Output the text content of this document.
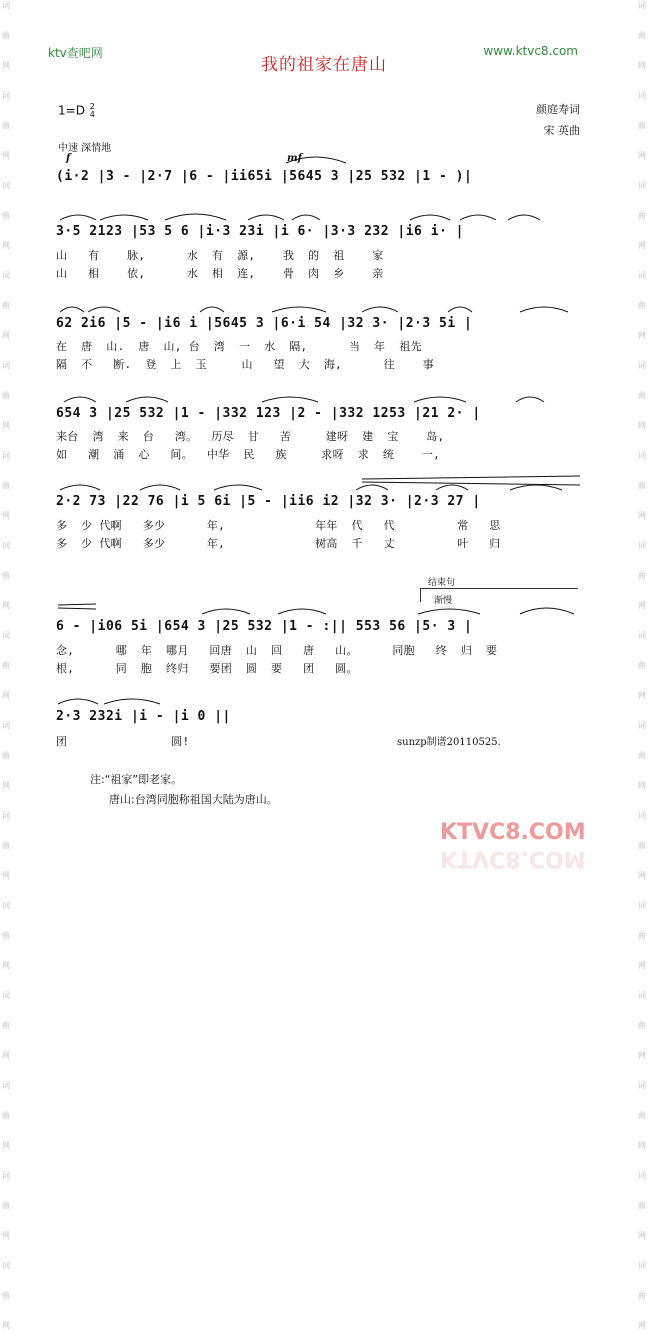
词
曲
网
词
曲
网
词
曲
网
词
曲
网
词
曲
网
词
曲
网
词
曲
网
词
曲
网
词
曲
网
词
曲
网
词
曲
网
词
曲
网
词
曲
网
词
曲
网
词
曲
网
词
曲
网
词
曲
网
词
曲
网
词
曲
网
词
曲
网
词
曲
网
词
曲
网
词
曲
网
词
曲
网
词
曲
网
词
曲
网
词
曲
网
词
曲
网
词
曲
网
词
曲
网
ktv查吧网	www.ktvc8.com
我的祖家在唐山
1=D 2
4	颜庭寿词
宋 英曲
中速 深情地
f	mf
(i·2 |3 - |2·7 |6 - |ii65i |5645 3 |25 532 |1 - )|
3·5 2123 |53 5 6 |i·3 23i |i 6· |3·3 232 |i6 i· |
山   有    脉,      水  有  源,    我  的  祖    家
山   相    依,      水  相  连,    骨  肉  乡    亲
62 2i6 |5 - |i6 i |5645 3 |6·i 54 |32 3· |2·3 5i |
在  唐  山.  唐  山, 台  湾  一  水  隔,      当  年  祖先
隔  不   断.  登  上  玉     山   望  大  海,      往    事
654 3 |25 532 |1 - |332 123 |2 - |332 1253 |21 2· |
来台  湾  来  台   湾。  历尽  甘   苦     建呀  建  宝    岛,
如   潮  涌  心   间。  中华  民   族     求呀  求  统    一,
2·2 73 |22 76 |i 5 6i |5 - |ii6 i2 |32 3· |2·3 27 |
多  少 代啊   多少      年,             年年  代   代         常   思
多  少 代啊   多少      年,             树高  千   丈         叶   归
结束句
渐慢
6 - |i06 5i |654 3 |25 532 |1 - :|| 553 56 |5· 3 |
念,      哪  年  哪月   回唐  山  回   唐   山。     同胞   终  归  要
根,      同  胞  终归   要团  圆  要   团   圆。
2·3 232i |i - |i 0 ||
团               圆!	sunzp制谱20110525.
注:“祖家”即老家。
唐山:台湾同胞称祖国大陆为唐山。
KTVC8.COM
KTVC8.COM
